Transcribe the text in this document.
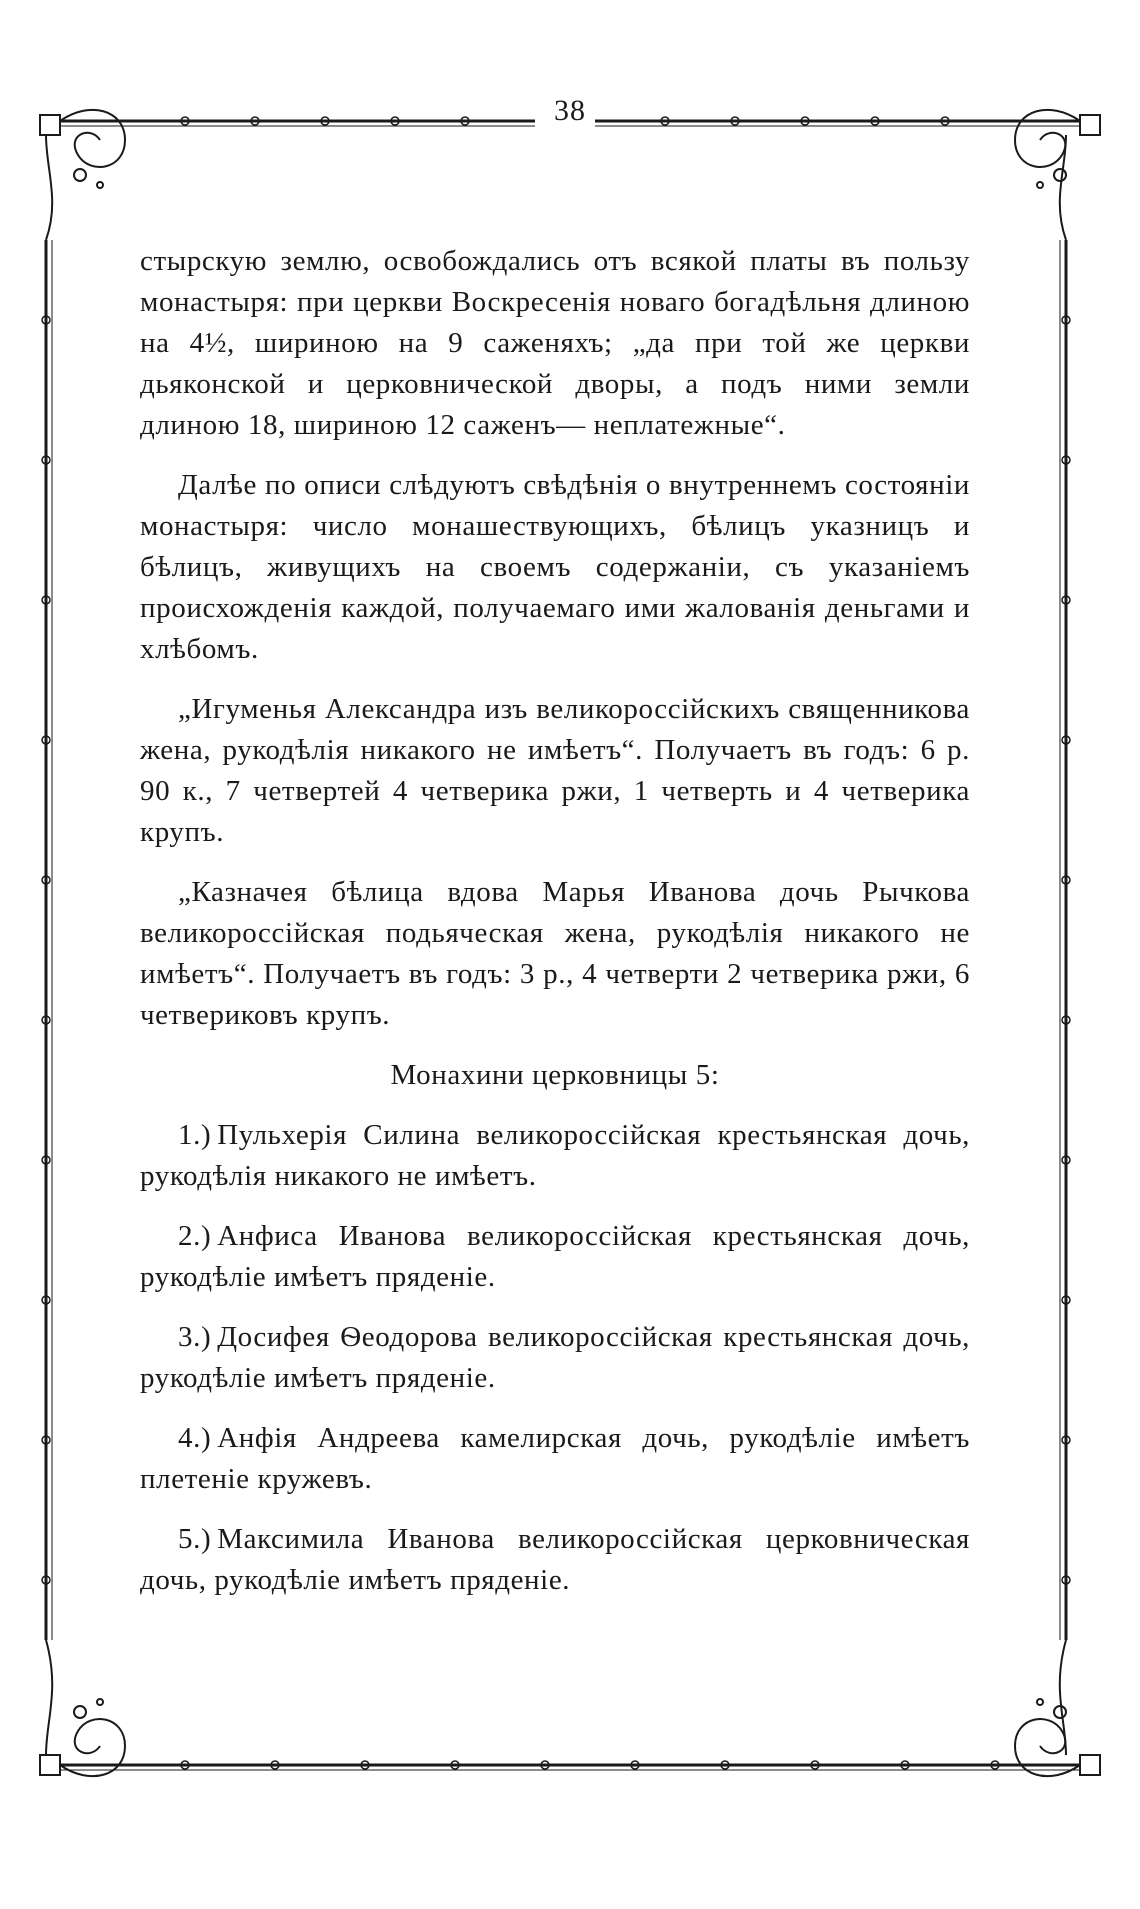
38

стырскую землю, освобождались отъ всякой платы въ пользу монастыря: при церкви Воскресенія новаго богадѣльня длиною на 4½, шириною на 9 саженяхъ; „да при той же церкви дьяконской и церковнической дворы, а подъ ними земли длиною 18, шириною 12 саженъ— неплатежные“.

Далѣе по описи слѣдуютъ свѣдѣнія о внутреннемъ состояніи монастыря: число монашествующихъ, бѣлицъ указницъ и бѣлицъ, живущихъ на своемъ содержаніи, съ указаніемъ происхожденія каждой, получаемаго ими жалованія деньгами и хлѣбомъ.

„Игуменья Александра изъ великороссійскихъ священникова жена, рукодѣлія никакого не имѣетъ“. Получаетъ въ годъ: 6 р. 90 к., 7 четвертей 4 четверика ржи, 1 четверть и 4 четверика крупъ.

„Казначея бѣлица вдова Марья Иванова дочь Рычкова великороссійская подьяческая жена, рукодѣлія никакого не имѣетъ“. Получаетъ въ годъ: 3 р., 4 четверти 2 четверика ржи, 6 четвериковъ крупъ.

Монахини церковницы 5:

1.) Пульхерія Силина великороссійская крестьянская дочь, рукодѣлія никакого не имѣетъ.

2.) Анфиса Иванова великороссійская крестьянская дочь, рукодѣліе имѣетъ пряденіе.

3.) Досифея Ѳеодорова великороссійская крестьянская дочь, рукодѣліе имѣетъ пряденіе.

4.) Анфія Андреева камелирская дочь, рукодѣліе имѣетъ плетеніе кружевъ.

5.) Максимила Иванова великороссійская церковническая дочь, рукодѣліе имѣетъ пряденіе.
